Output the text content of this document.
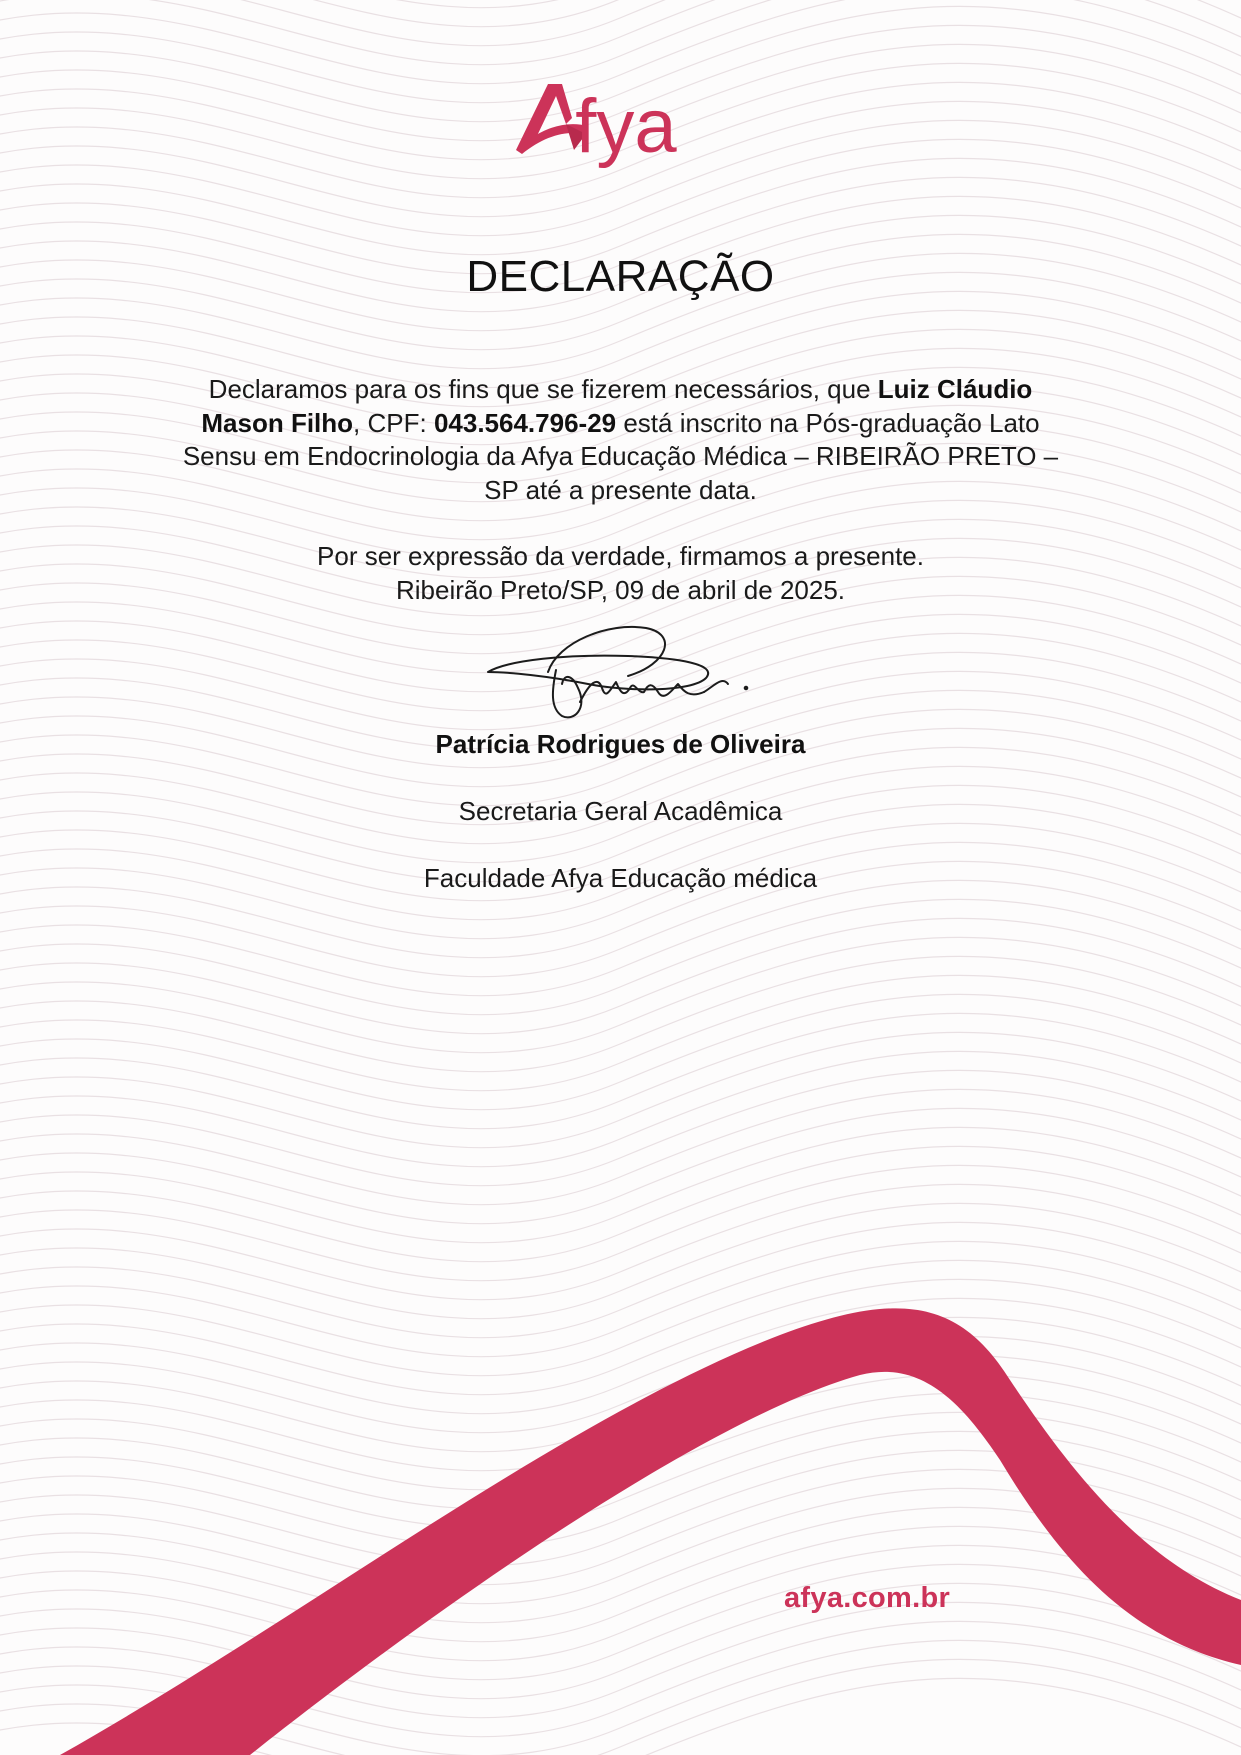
fya
DECLARAÇÃO
Declaramos para os fins que se fizerem necessários, que Luiz Cláudio Mason Filho, CPF: 043.564.796-29 está inscrito na Pós-graduação Lato Sensu em Endocrinologia da Afya Educação Médica – RIBEIRÃO PRETO – SP até a presente data.
Por ser expressão da verdade, firmamos a presente.
Ribeirão Preto/SP, 09 de abril de 2025.
Patrícia Rodrigues de Oliveira
Secretaria Geral Acadêmica
Faculdade Afya Educação médica
afya.com.br
